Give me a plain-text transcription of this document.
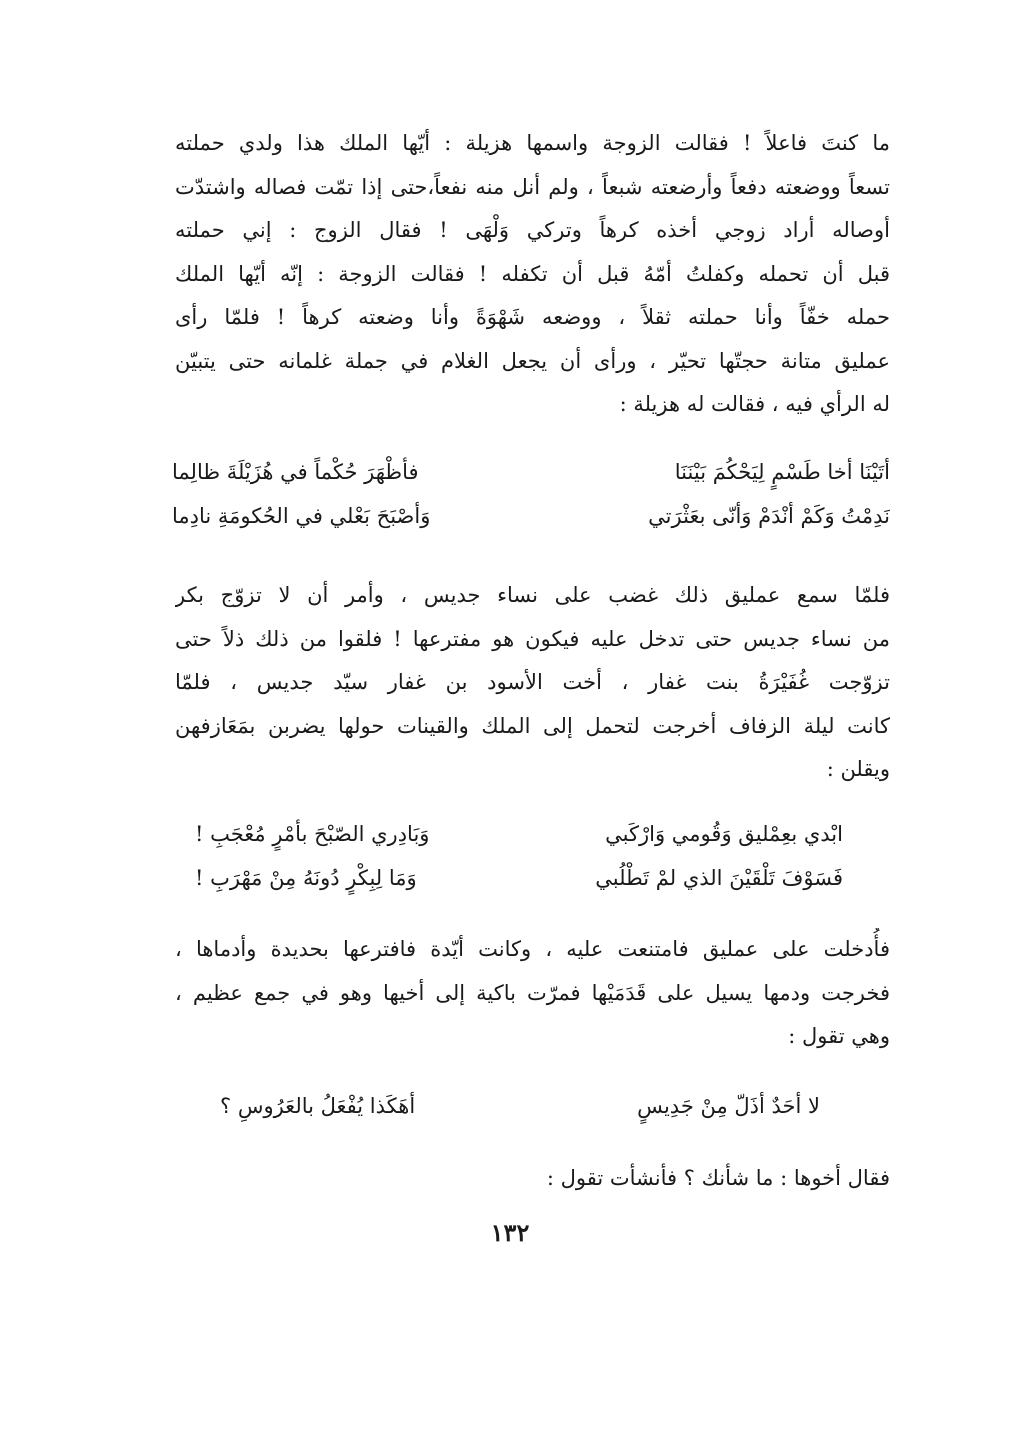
ما كنتَ فاعلاً ! فقالت الزوجة واسمها هزيلة : أيّها الملك هذا ولدي حملته
تسعاً ووضعته دفعاً وأرضعته شبعاً ، ولم أنل منه نفعاً،حتى إذا تمّت فصاله واشتدّت
أوصاله أراد زوجي أخذه كرهاً وتركي وَلْهَى ! فقال الزوج : إني حملته
قبل أن تحمله وكفلتُ أمّهُ قبل أن تكفله ! فقالت الزوجة : إنّه أيّها الملك
حمله خفّاً وأنا حملته ثقلاً ، ووضعه شَهْوَةً وأنا وضعته كرهاً ! فلمّا رأى
عمليق متانة حجتّها تحيّر ، ورأى أن يجعل الغلام في جملة غلمانه حتى يتبيّن
له الرأي فيه ، فقالت له هزيلة :
أتَيْنَا أخا طَسْمٍ لِيَحْكُمَ بَيْنَنَا
فأظْهَرَ حُكْماً في هُزَيْلَةَ ظالِما
نَدِمْتُ وَكَمْ أنْدَمْ وَأنّى بعَثْرَتي
وَأصْبَحَ بَعْلي في الحُكومَةِ نادِما
فلمّا سمع عمليق ذلك غضب على نساء جديس ، وأمر أن لا تزوّج بكر
من نساء جديس حتى تدخل عليه فيكون هو مفترعها ! فلقوا من ذلك ذلاً حتى
تزوّجت غُفَيْرَةُ بنت غفار ، أخت الأسود بن غفار سيّد جديس ، فلمّا
كانت ليلة الزفاف أخرجت لتحمل إلى الملك والقينات حولها يضربن بمَعَازفهن
ويقلن :
ابْدي بعِمْليق وَقُومي وَارْكَبي
وَبَادِري الصّبْحَ بأمْرٍ مُعْجَبِ !
فَسَوْفَ تَلْقَيْنَ الذي لمْ تَطْلُبي
وَمَا لِبِكْرٍ دُونَهُ مِنْ مَهْرَبِ !
فأُدخلت على عمليق فامتنعت عليه ، وكانت أيّدة فافترعها بحديدة وأدماها ،
فخرجت ودمها يسيل على قَدَمَيْها فمرّت باكية إلى أخيها وهو في جمع عظيم ،
وهي تقول :
لا أحَدٌ أذَلّ مِنْ جَدِيسٍ
أهَكَذا يُفْعَلُ بالعَرُوسِ ؟
فقال أخوها : ما شأنك ؟ فأنشأت تقول :
١٣٢
